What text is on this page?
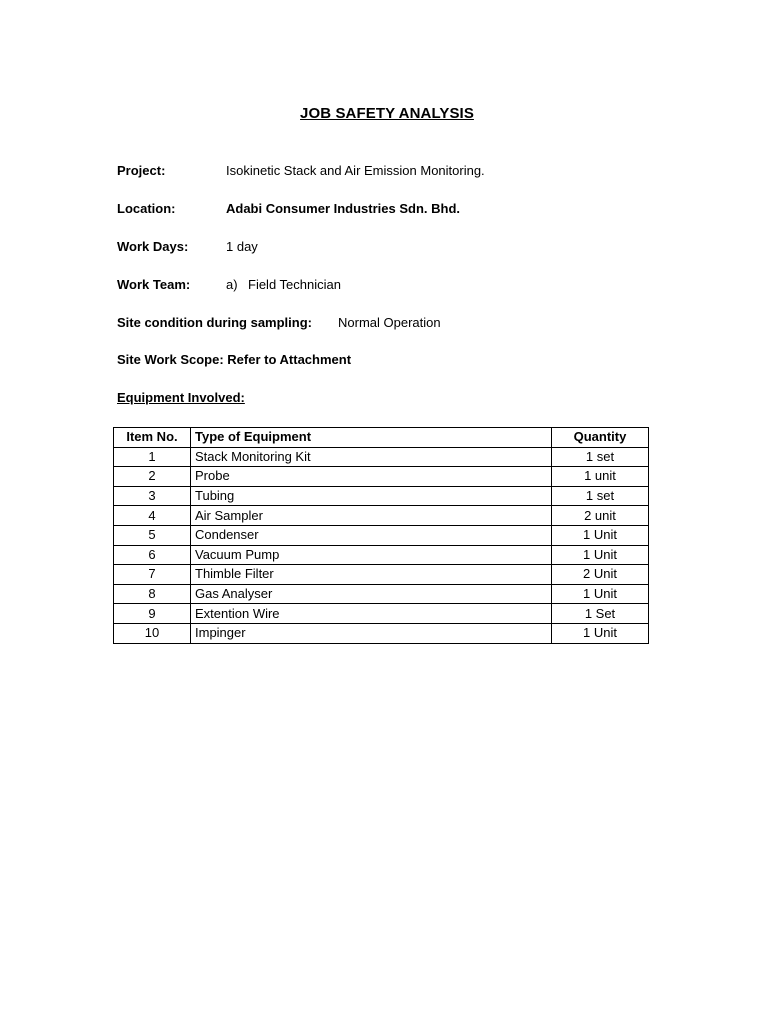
JOB SAFETY ANALYSIS
Project:	Isokinetic Stack and Air Emission Monitoring.
Location:	Adabi Consumer Industries Sdn. Bhd.
Work Days:	1 day
Work Team:	a) Field Technician
Site condition during sampling: Normal Operation
Site Work Scope: Refer to Attachment
Equipment Involved:
Item No.	Type of Equipment	Quantity
1	Stack Monitoring Kit	1 set
2	Probe	1 unit
3	Tubing	1 set
4	Air Sampler	2 unit
5	Condenser	1 Unit
6	Vacuum Pump	1 Unit
7	Thimble Filter	2 Unit
8	Gas Analyser	1 Unit
9	Extention Wire	1 Set
10	Impinger	1 Unit
